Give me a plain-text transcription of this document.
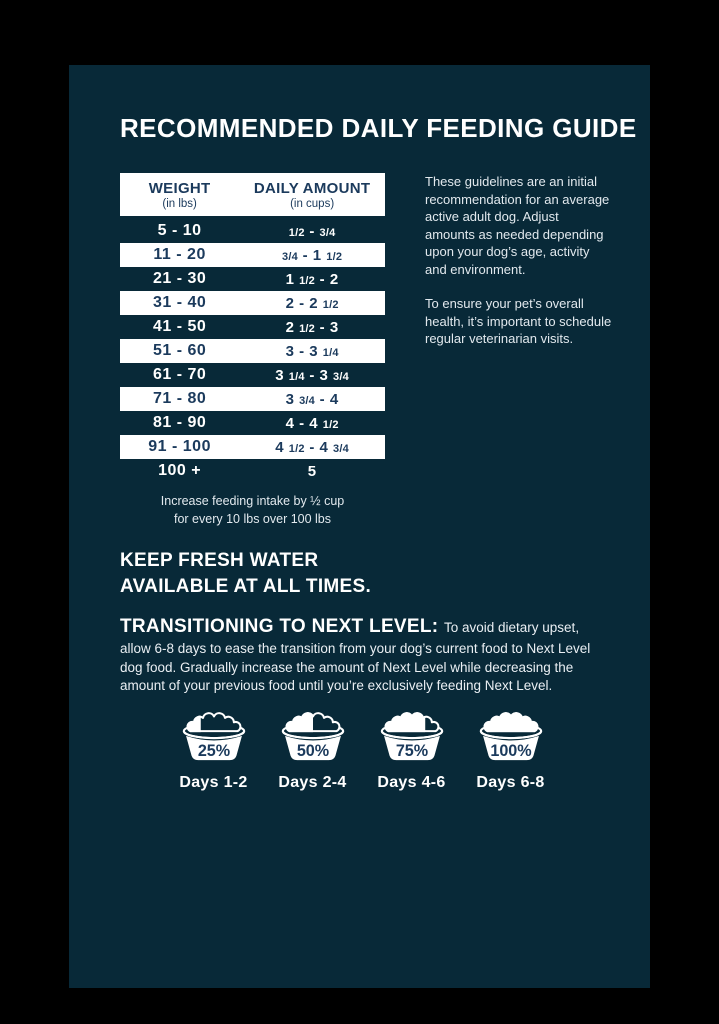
RECOMMENDED DAILY FEEDING GUIDE
WEIGHT
(in lbs)
DAILY AMOUNT
(in cups)
5 - 10	1/2 - 3/4
11 - 20	3/4 - 1 1/2
21 - 30	1 1/2 - 2
31 - 40	2 - 2 1/2
41 - 50	2 1/2 - 3
51 - 60	3 - 3 1/4
61 - 70	3 1/4 - 3 3/4
71 - 80	3 3/4 - 4
81 - 90	4 - 4 1/2
91 - 100	4 1/2 - 4 3/4
100 +	5
Increase feeding intake by ½ cup
for every 10 lbs over 100 lbs

These guidelines are an initial recommendation for an average active adult dog. Adjust amounts as needed depending upon your dog’s age, activity and environment.

To ensure your pet’s overall health, it’s important to schedule regular veterinarian visits.

KEEP FRESH WATER
AVAILABLE AT ALL TIMES.

TRANSITIONING TO NEXT LEVEL: To avoid dietary upset, allow 6-8 days to ease the transition from your dog’s current food to Next Level dog food. Gradually increase the amount of Next Level while decreasing the amount of your previous food until you’re exclusively feeding Next Level.

25%
Days 1-2
50%
Days 2-4
75%
Days 4-6
100%
Days 6-8
